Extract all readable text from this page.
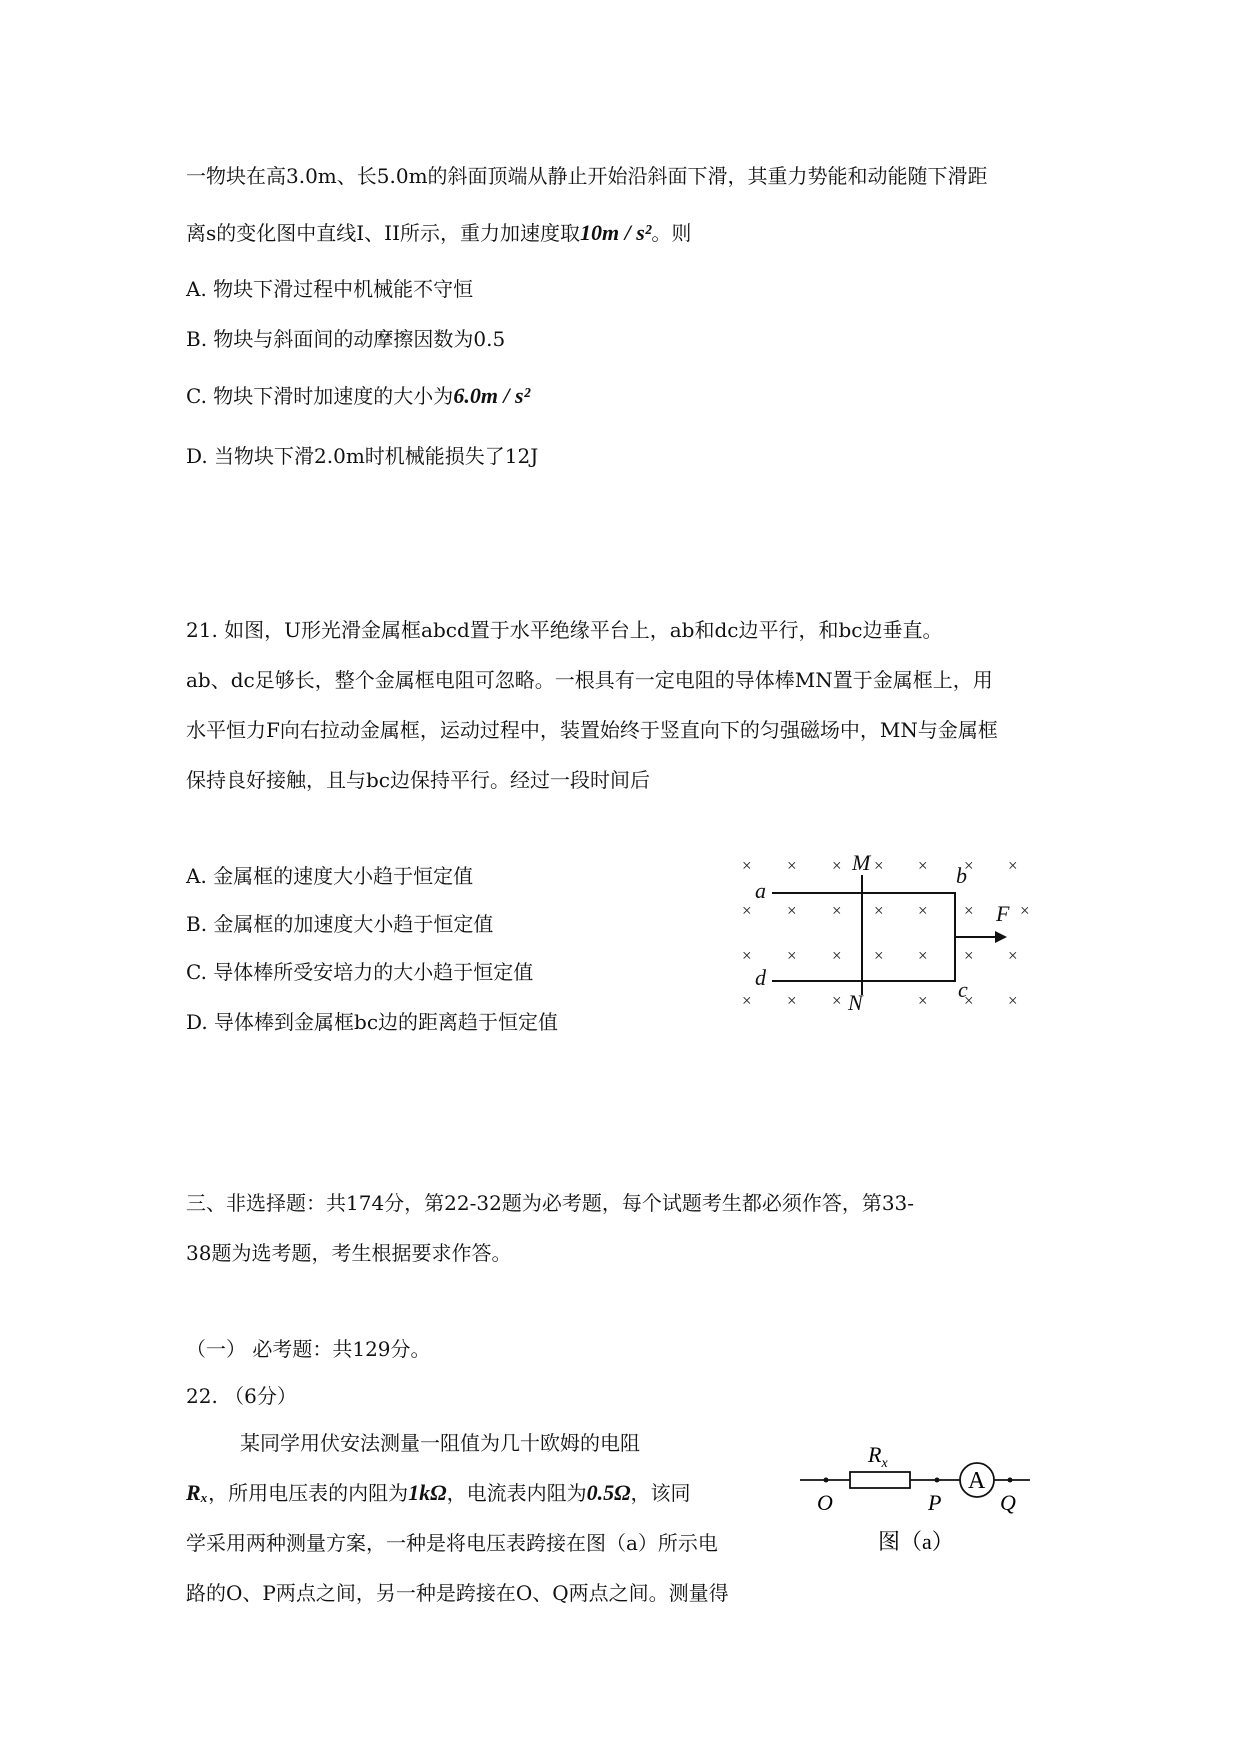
一物块在高3.0m、长5.0m的斜面顶端从静止开始沿斜面下滑，其重力势能和动能随下滑距
离s的变化图中直线I、II所示，重力加速度取10m / s²。则
A. 物块下滑过程中机械能不守恒
B. 物块与斜面间的动摩擦因数为0.5
C. 物块下滑时加速度的大小为6.0m / s²
D. 当物块下滑2.0m时机械能损失了12J
21. 如图，U形光滑金属框abcd置于水平绝缘平台上，ab和dc边平行，和bc边垂直。
ab、dc足够长，整个金属框电阻可忽略。一根具有一定电阻的导体棒MN置于金属框上，用
水平恒力F向右拉动金属框，运动过程中，装置始终于竖直向下的匀强磁场中，MN与金属框
保持良好接触，且与bc边保持平行。经过一段时间后
A. 金属框的速度大小趋于恒定值
B. 金属框的加速度大小趋于恒定值
C. 导体棒所受安培力的大小趋于恒定值
D. 导体棒到金属框bc边的距离趋于恒定值
× × × × × × ×
× × × × × ×	×
× × × × × × ×
× × ×	× × ×
a
d
b
c
M
N
F
三、非选择题：共174分，第22-32题为必考题，每个试题考生都必须作答，第33-
38题为选考题，考生根据要求作答。
（一） 必考题：共129分。
22. （6分）
某同学用伏安法测量一阻值为几十欧姆的电阻
Rₓ，所用电压表的内阻为1kΩ，电流表内阻为0.5Ω，该同
学采用两种测量方案，一种是将电压表跨接在图（a）所示电
路的O、P两点之间，另一种是跨接在O、Q两点之间。测量得
A
$R_x$
O	P	Q
图（a）
